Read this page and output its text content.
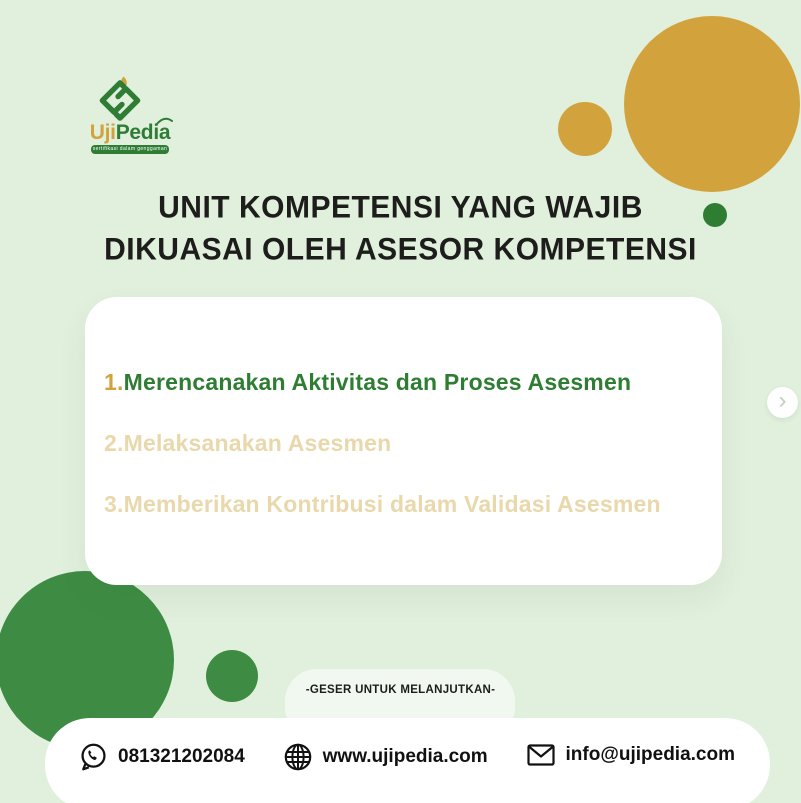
UjiPedia
sertifikasi dalam genggaman
UNIT KOMPETENSI YANG WAJIB
DIKUASAI OLEH ASESOR KOMPETENSI
1.Merencanakan Aktivitas dan Proses Asesmen
2.Melaksanakan Asesmen
3.Memberikan Kontribusi dalam Validasi Asesmen
›
-GESER UNTUK MELANJUTKAN-
081321202084	www.ujipedia.com	info@ujipedia.com
